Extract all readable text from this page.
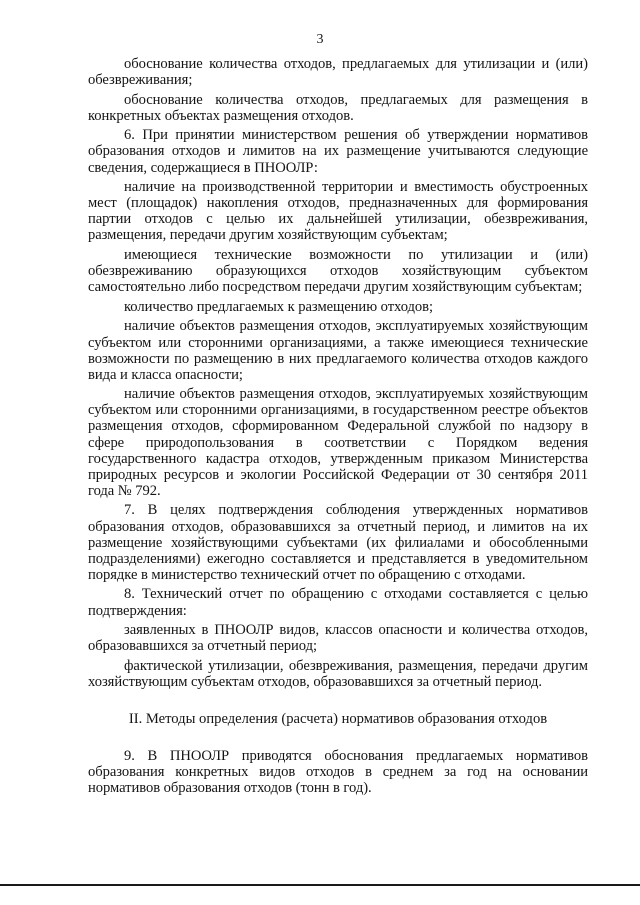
3

обоснование количества отходов, предлагаемых для утилизации и (или) обезвреживания;

обоснование количества отходов, предлагаемых для размещения в конкретных объектах размещения отходов.

6. При принятии министерством решения об утверждении нормативов образования отходов и лимитов на их размещение учитываются следующие сведения, содержащиеся в ПНООЛР:

наличие на производственной территории и вместимость обустроенных мест (площадок) накопления отходов, предназначенных для формирования партии отходов с целью их дальнейшей утилизации, обезвреживания, размещения, передачи другим хозяйствующим субъектам;

имеющиеся технические возможности по утилизации и (или) обезвреживанию образующихся отходов хозяйствующим субъектом самостоятельно либо посредством передачи другим хозяйствующим субъектам;

количество предлагаемых к размещению отходов;

наличие объектов размещения отходов, эксплуатируемых хозяйствующим субъектом или сторонними организациями, а также имеющиеся технические возможности по размещению в них предлагаемого количества отходов каждого вида и класса опасности;

наличие объектов размещения отходов, эксплуатируемых хозяйствующим субъектом или сторонними организациями, в государственном реестре объектов размещения отходов, сформированном Федеральной службой по надзору в сфере природопользования в соответствии с Порядком ведения государственного кадастра отходов, утвержденным приказом Министерства природных ресурсов и экологии Российской Федерации от 30 сентября 2011 года № 792.

7. В целях подтверждения соблюдения утвержденных нормативов образования отходов, образовавшихся за отчетный период, и лимитов на их размещение хозяйствующими субъектами (их филиалами и обособленными подразделениями) ежегодно составляется и представляется в уведомительном порядке в министерство технический отчет по обращению с отходами.

8. Технический отчет по обращению с отходами составляется с целью подтверждения:

заявленных в ПНООЛР видов, классов опасности и количества отходов, образовавшихся за отчетный период;

фактической утилизации, обезвреживания, размещения, передачи другим хозяйствующим субъектам отходов, образовавшихся за отчетный период.

II. Методы определения (расчета) нормативов образования отходов

9. В ПНООЛР приводятся обоснования предлагаемых нормативов образования конкретных видов отходов в среднем за год на основании нормативов образования отходов (тонн в год).
